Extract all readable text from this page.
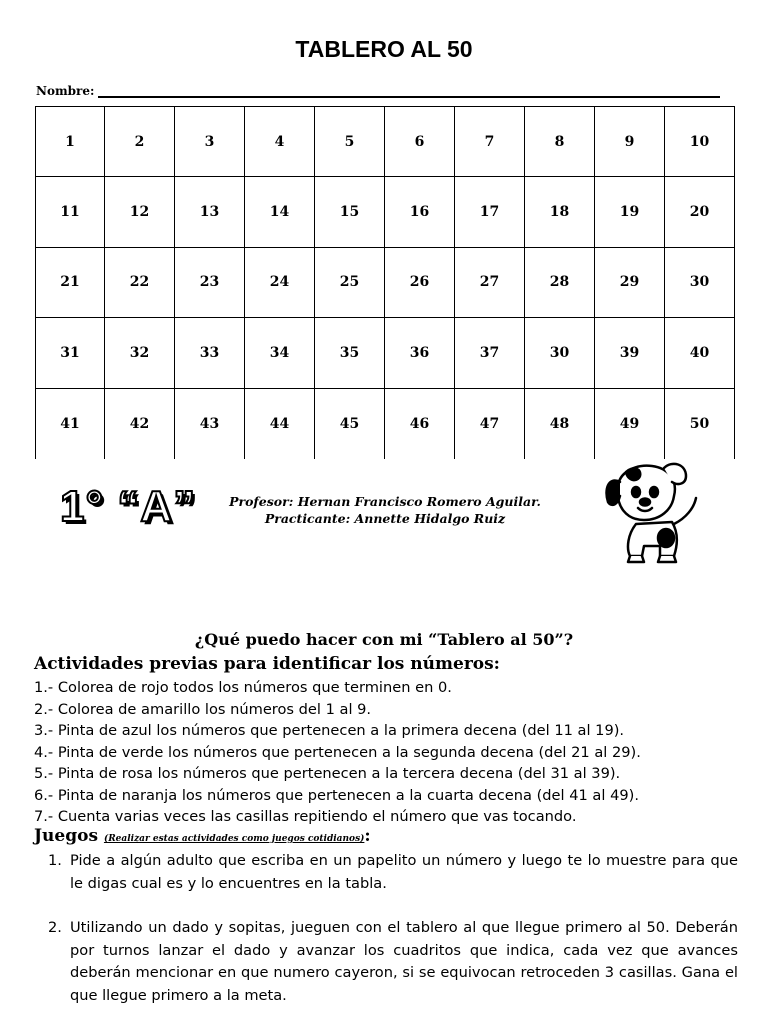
TABLERO AL 50
Nombre:
1	2	3	4	5	6	7	8	9	10
11	12	13	14	15	16	17	18	19	20
21	22	23	24	25	26	27	28	29	30
31	32	33	34	35	36	37	30	39	40
41	42	43	44	45	46	47	48	49	50
1° “A”	Profesor: Hernan Francisco Romero Aguilar.
Practicante: Annette Hidalgo Ruiz
¿Qué puedo hacer con mi “Tablero al 50”?
Actividades previas para identificar los números:
1.- Colorea de rojo todos los números que terminen en 0.
2.- Colorea de amarillo los números del 1 al 9.
3.- Pinta de azul los números que pertenecen a la primera decena (del 11 al 19).
4.- Pinta de verde los números que pertenecen a la segunda decena (del 21 al 29).
5.- Pinta de rosa los números que pertenecen a la tercera decena (del 31 al 39).
6.- Pinta de naranja los números que pertenecen a la cuarta decena (del 41 al 49).
7.- Cuenta varias veces las casillas repitiendo el número que vas tocando.
Juegos (Realizar estas actividades como juegos cotidianos):
1. Pide a algún adulto que escriba en un papelito un número y luego te lo muestre para que le digas cual es y lo encuentres en la tabla.
2. Utilizando un dado y sopitas, jueguen con el tablero al que llegue primero al 50. Deberán por turnos lanzar el dado y avanzar los cuadritos que indica, cada vez que avances deberán mencionar en que numero cayeron, si se equivocan retroceden 3 casillas. Gana el que llegue primero a la meta.
